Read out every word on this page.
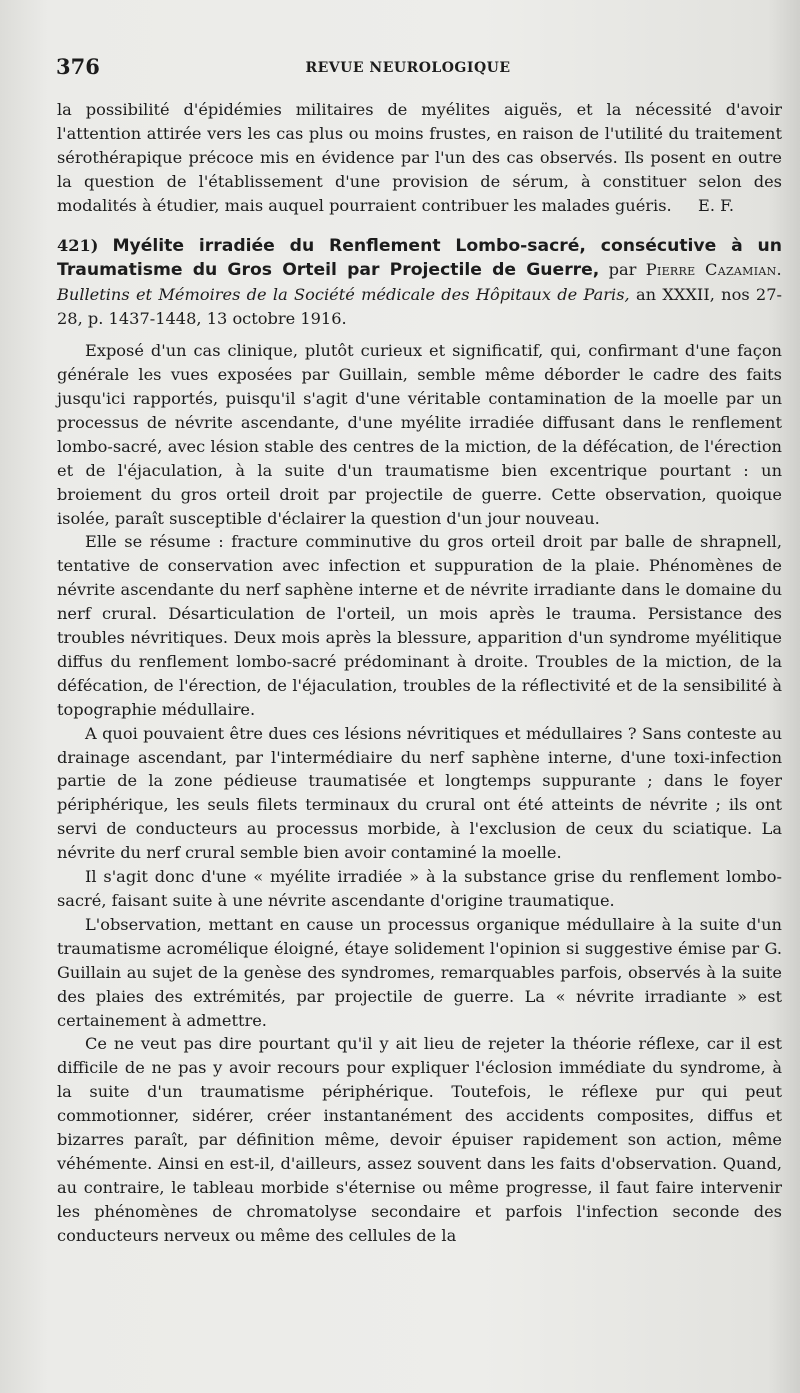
376	REVUE NEUROLOGIQUE

la possibilité d'épidémies militaires de myélites aiguës, et la nécessité d'avoir l'attention attirée vers les cas plus ou moins frustes, en raison de l'utilité du traitement sérothérapique précoce mis en évidence par l'un des cas observés. Ils posent en outre la question de l'établissement d'une provision de sérum, à constituer selon des modalités à étudier, mais auquel pourraient contribuer les malades guéris.	E. F.

421) Myélite irradiée du Renflement Lombo-sacré, consécutive à un Traumatisme du Gros Orteil par Projectile de Guerre, par Pierre Cazamian. Bulletins et Mémoires de la Société médicale des Hôpitaux de Paris, an XXXII, nos 27-28, p. 1437-1448, 13 octobre 1916.

Exposé d'un cas clinique, plutôt curieux et significatif, qui, confirmant d'une façon générale les vues exposées par Guillain, semble même déborder le cadre des faits jusqu'ici rapportés, puisqu'il s'agit d'une véritable contamination de la moelle par un processus de névrite ascendante, d'une myélite irradiée diffusant dans le renflement lombo-sacré, avec lésion stable des centres de la miction, de la défécation, de l'érection et de l'éjaculation, à la suite d'un traumatisme bien excentrique pourtant : un broiement du gros orteil droit par projectile de guerre. Cette observation, quoique isolée, paraît susceptible d'éclairer la question d'un jour nouveau.

Elle se résume : fracture comminutive du gros orteil droit par balle de shrapnell, tentative de conservation avec infection et suppuration de la plaie. Phénomènes de névrite ascendante du nerf saphène interne et de névrite irradiante dans le domaine du nerf crural. Désarticulation de l'orteil, un mois après le trauma. Persistance des troubles névritiques. Deux mois après la blessure, apparition d'un syndrome myélitique diffus du renflement lombo-sacré prédominant à droite. Troubles de la miction, de la défécation, de l'érection, de l'éjaculation, troubles de la réflectivité et de la sensibilité à topographie médullaire.

A quoi pouvaient être dues ces lésions névritiques et médullaires ? Sans conteste au drainage ascendant, par l'intermédiaire du nerf saphène interne, d'une toxi-infection partie de la zone pédieuse traumatisée et longtemps suppurante ; dans le foyer périphérique, les seuls filets terminaux du crural ont été atteints de névrite ; ils ont servi de conducteurs au processus morbide, à l'exclusion de ceux du sciatique. La névrite du nerf crural semble bien avoir contaminé la moelle.

Il s'agit donc d'une « myélite irradiée » à la substance grise du renflement lombo-sacré, faisant suite à une névrite ascendante d'origine traumatique.

L'observation, mettant en cause un processus organique médullaire à la suite d'un traumatisme acromélique éloigné, étaye solidement l'opinion si suggestive émise par G. Guillain au sujet de la genèse des syndromes, remarquables parfois, observés à la suite des plaies des extrémités, par projectile de guerre. La « névrite irradiante » est certainement à admettre.

Ce ne veut pas dire pourtant qu'il y ait lieu de rejeter la théorie réflexe, car il est difficile de ne pas y avoir recours pour expliquer l'éclosion immédiate du syndrome, à la suite d'un traumatisme périphérique. Toutefois, le réflexe pur qui peut commotionner, sidérer, créer instantanément des accidents composites, diffus et bizarres paraît, par définition même, devoir épuiser rapidement son action, même véhémente. Ainsi en est-il, d'ailleurs, assez souvent dans les faits d'observation. Quand, au contraire, le tableau morbide s'éternise ou même progresse, il faut faire intervenir les phénomènes de chromatolyse secondaire et parfois l'infection seconde des conducteurs nerveux ou même des cellules de la
